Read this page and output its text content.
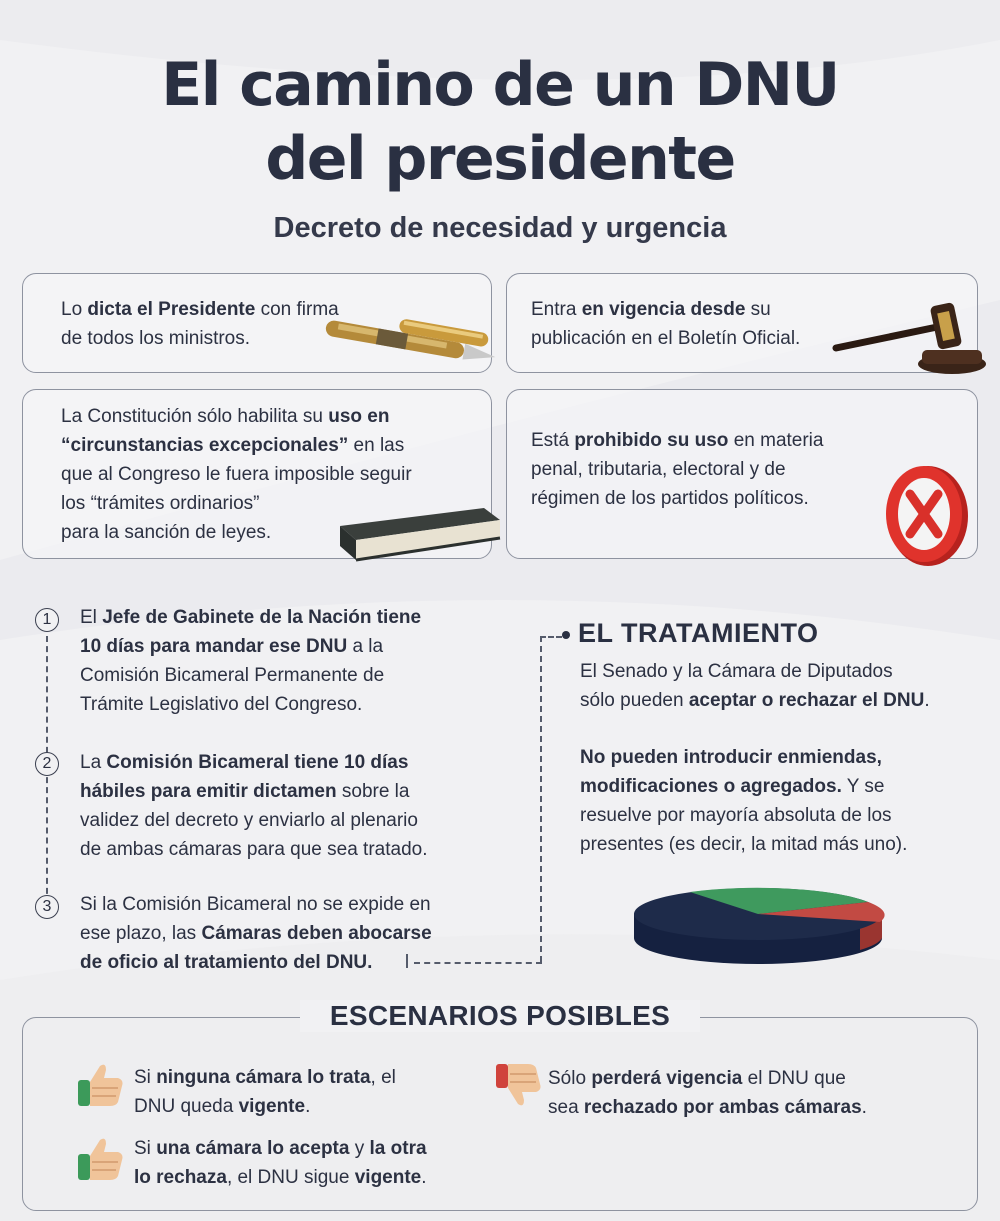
El camino de un DNU
del presidente
Decreto de necesidad y urgencia

Lo dicta el Presidente con firma
de todos los ministros.

Entra en vigencia desde su
publicación en el Boletín Oficial.

La Constitución sólo habilita su uso en
“circunstancias excepcionales” en las
que al Congreso le fuera imposible seguir
los “trámites ordinarios”
para la sanción de leyes.

Está prohibido su uso en materia
penal, tributaria, electoral y de
régimen de los partidos políticos.

1	El Jefe de Gabinete de la Nación tiene
10 días para mandar ese DNU a la
Comisión Bicameral Permanente de
Trámite Legislativo del Congreso.

2	La Comisión Bicameral tiene 10 días
hábiles para emitir dictamen sobre la
validez del decreto y enviarlo al plenario
de ambas cámaras para que sea tratado.

3	Si la Comisión Bicameral no se expide en
ese plazo, las Cámaras deben abocarse
de oficio al tratamiento del DNU.

EL TRATAMIENTO

El Senado y la Cámara de Diputados
sólo pueden aceptar o rechazar el DNU.

No pueden introducir enmiendas,
modificaciones o agregados. Y se
resuelve por mayoría absoluta de los
presentes (es decir, la mitad más uno).

ESCENARIOS POSIBLES

Si ninguna cámara lo trata, el
DNU queda vigente.

Si una cámara lo acepta y la otra
lo rechaza, el DNU sigue vigente.

Sólo perderá vigencia el DNU que
sea rechazado por ambas cámaras.
